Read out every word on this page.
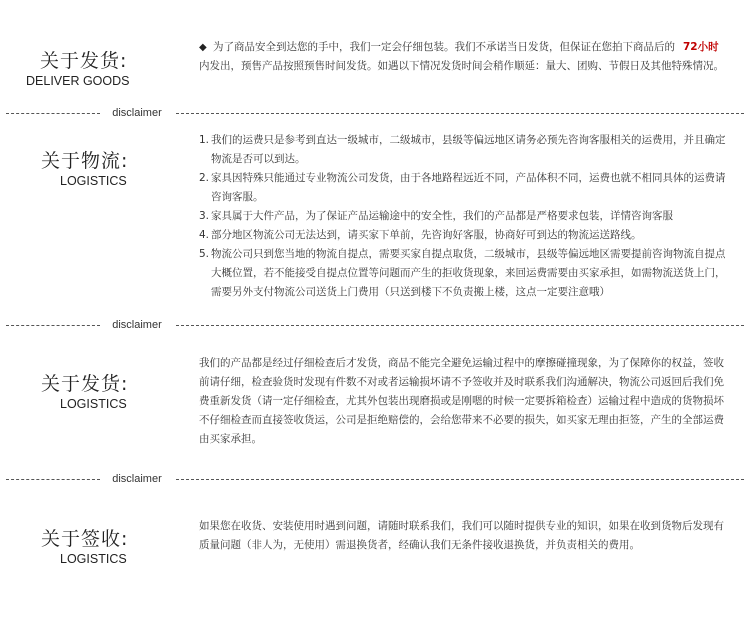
关于发货:
DELIVER GOODS

◆ 为了商品安全到达您的手中，我们一定会仔细包装。我们不承诺当日发货，但保证在您拍下商品后的 72小时内发出，预售产品按照预售时间发货。如遇以下情况发货时间会稍作顺延：量大、团购、节假日及其他特殊情况。

disclaimer
关于物流:
LOGISTICS
1. 我们的运费只是参考到直达一级城市，二级城市，县级等偏远地区请务必预先咨询客服相关的运费用，并且确定物流是否可以到达。
2. 家具因特殊只能通过专业物流公司发货，由于各地路程远近不同，产品体积不同，运费也就不相同具体的运费请咨询客服。
3. 家具属于大件产品，为了保证产品运输途中的安全性，我们的产品都是严格要求包装，详情咨询客服
4. 部分地区物流公司无法达到，请买家下单前，先咨询好客服，协商好可到达的物流运送路线。
5. 物流公司只到您当地的物流自提点，需要买家自提点取货，二级城市，县级等偏远地区需要提前咨询物流自提点大概位置，若不能接受自提点位置等问题而产生的拒收货现象，来回运费需要由买家承担，如需物流送货上门，需要另外支付物流公司送货上门费用（只送到楼下不负责搬上楼，这点一定要注意哦）
disclaimer
关于发货:
LOGISTICS

我们的产品都是经过仔细检查后才发货，商品不能完全避免运输过程中的摩擦碰撞现象，为了保障你的权益，签收前请仔细，检查验货时发现有件数不对或者运输损坏请不予签收并及时联系我们沟通解决，物流公司返回后我们免费重新发货（请一定仔细检查，尤其外包装出现磨损或是刚嗯的时候一定要拆箱检查）运输过程中造成的货物损坏不仔细检查而直接签收货运，公司是拒绝赔偿的，会给您带来不必要的损失，如买家无理由拒签，产生的全部运费由买家承担。

disclaimer
关于签收:
LOGISTICS

如果您在收货、安装使用时遇到问题，请随时联系我们，我们可以随时提供专业的知识，如果在收到货物后发现有质量问题（非人为，无使用）需退换货者，经确认我们无条件接收退换货，并负责相关的费用。
